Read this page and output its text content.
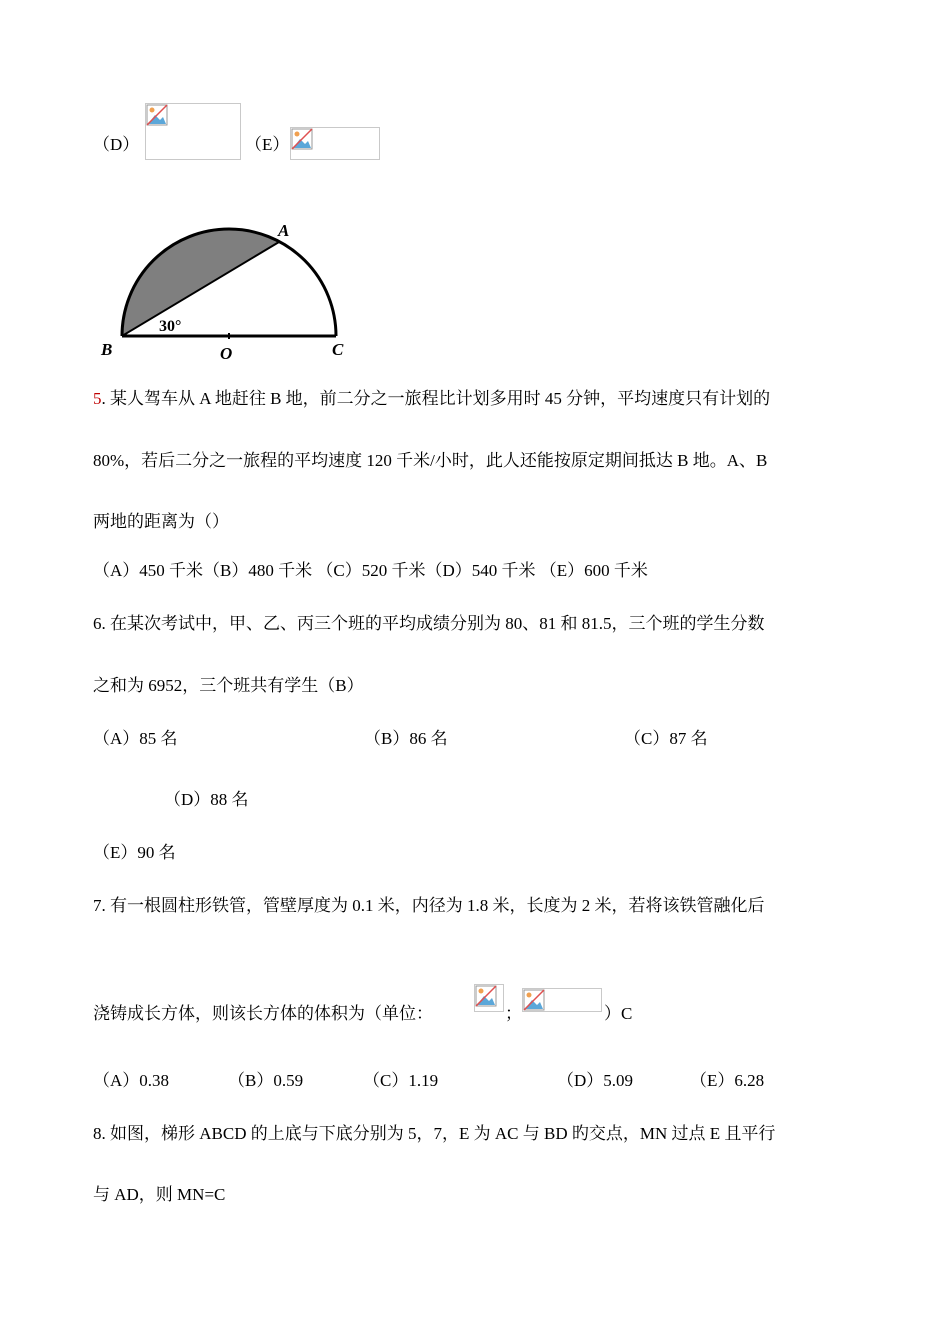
（D）	（E）
A
B	C
O
30°
5. 某人驾车从 A 地赶往 B 地，前二分之一旅程比计划多用时 45 分钟，平均速度只有计划的
80%，若后二分之一旅程的平均速度 120 千米/小时，此人还能按原定期间抵达 B 地。A、B
两地的距离为（）
（A）450 千米（B）480 千米 （C）520 千米（D）540 千米 （E）600 千米
6. 在某次考试中，甲、乙、丙三个班的平均成绩分别为 80、81 和 81.5，三个班的学生分数
之和为 6952，三个班共有学生（B）
（A）85 名	（B）86 名	（C）87 名
（D）88 名
（E）90 名
7. 有一根圆柱形铁管，管壁厚度为 0.1 米，内径为 1.8 米，长度为 2 米，若将该铁管融化后
浇铸成长方体，则该长方体的体积为（单位：	；	）C
（A）0.38	（B）0.59	（C）1.19	（D）5.09	（E）6.28
8. 如图，梯形 ABCD 的上底与下底分别为 5，7，E 为 AC 与 BD 旳交点，MN 过点 E 且平行
与 AD，则 MN=C
